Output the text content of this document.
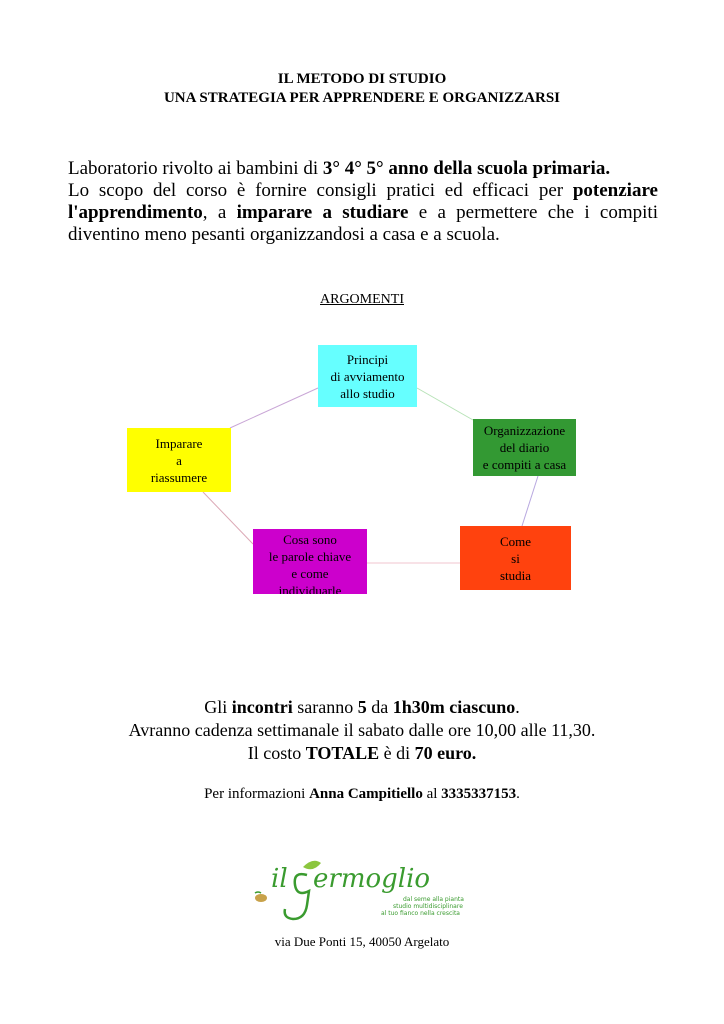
IL METODO DI STUDIO
UNA STRATEGIA PER APPRENDERE E ORGANIZZARSI

Laboratorio rivolto ai bambini di 3° 4° 5° anno della scuola primaria.

Lo scopo del corso è fornire consigli pratici ed efficaci per potenziare l'apprendimento, a imparare a studiare e a permettere che i compiti diventino meno pesanti organizzandosi a casa e a scuola.

ARGOMENTI
Principi
di avviamento
allo studio
Organizzazione
del diario
e compiti a casa
Come
si
studia
Cosa sono
le parole chiave
e come
individuarle
Imparare
a
riassumere
Gli incontri saranno 5 da 1h30m ciascuno.
Avranno cadenza settimanale il sabato dalle ore 10,00 alle 11,30.
Il costo TOTALE è di 70 euro.
Per informazioni Anna Campitiello al 3335337153.
il ermoglio
dal seme alla pianta
studio multidisciplinare
al tuo fianco nella crescita
via Due Ponti 15, 40050 Argelato
